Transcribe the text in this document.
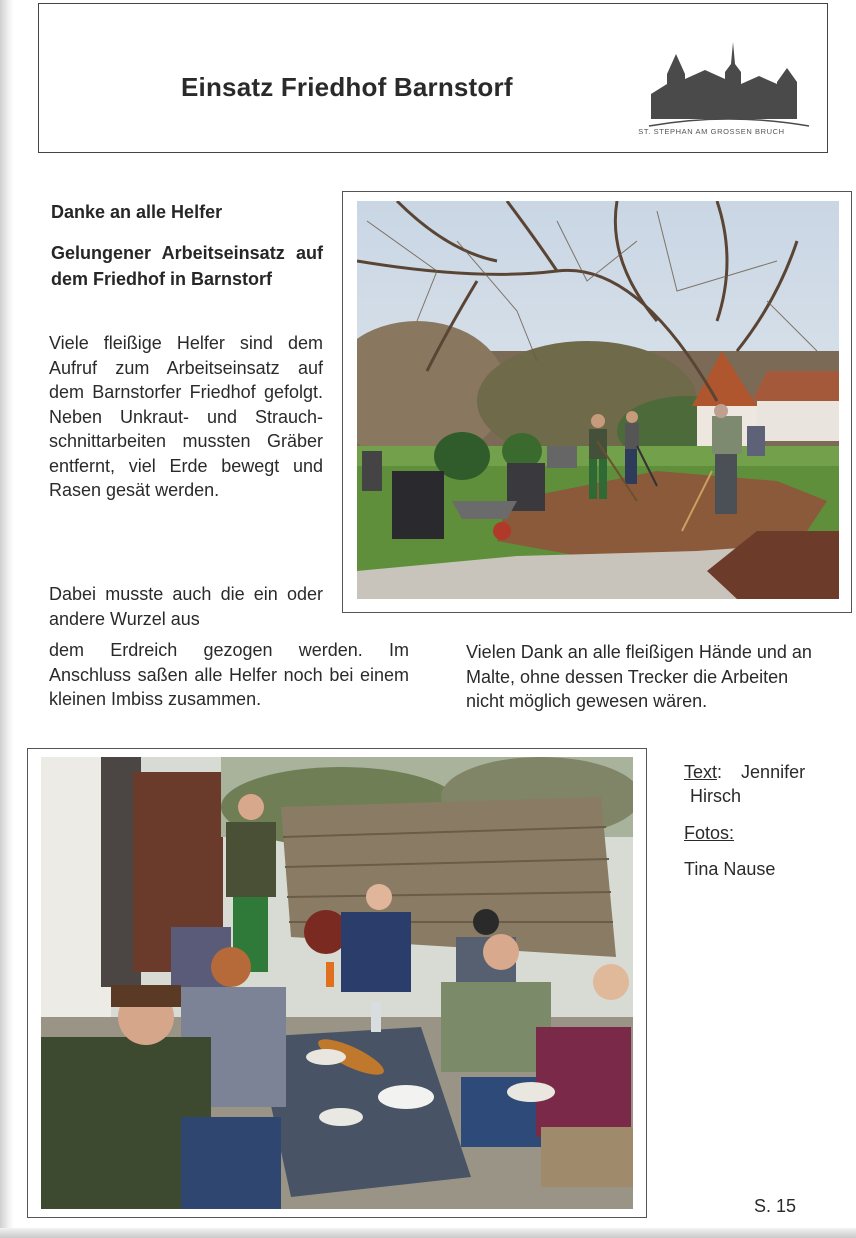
Einsatz Friedhof Barnstorf
ST. STEPHAN AM GROSSEN BRUCH
Danke an alle Helfer
Gelungener Arbeitseinsatz auf dem Friedhof in Barnstorf
Viele fleißige Helfer sind dem Aufruf zum Arbeitseinsatz auf dem Barnstorfer Friedhof gefolgt. Neben Unkraut- und Strauchschnittarbeiten mussten Gräber entfernt, viel Erde bewegt und Rasen gesät werden.
Dabei musste auch die ein oder andere Wurzel aus
dem Erdreich gezogen werden. Im Anschluss saßen alle Helfer noch bei einem kleinen Imbiss zusammen.
Vielen Dank an alle fleißigen Hände und an Malte, ohne dessen Trecker die Arbeiten nicht möglich gewesen wären.
Text: Jennifer
Hirsch
Fotos:
Tina Nause
S. 15
